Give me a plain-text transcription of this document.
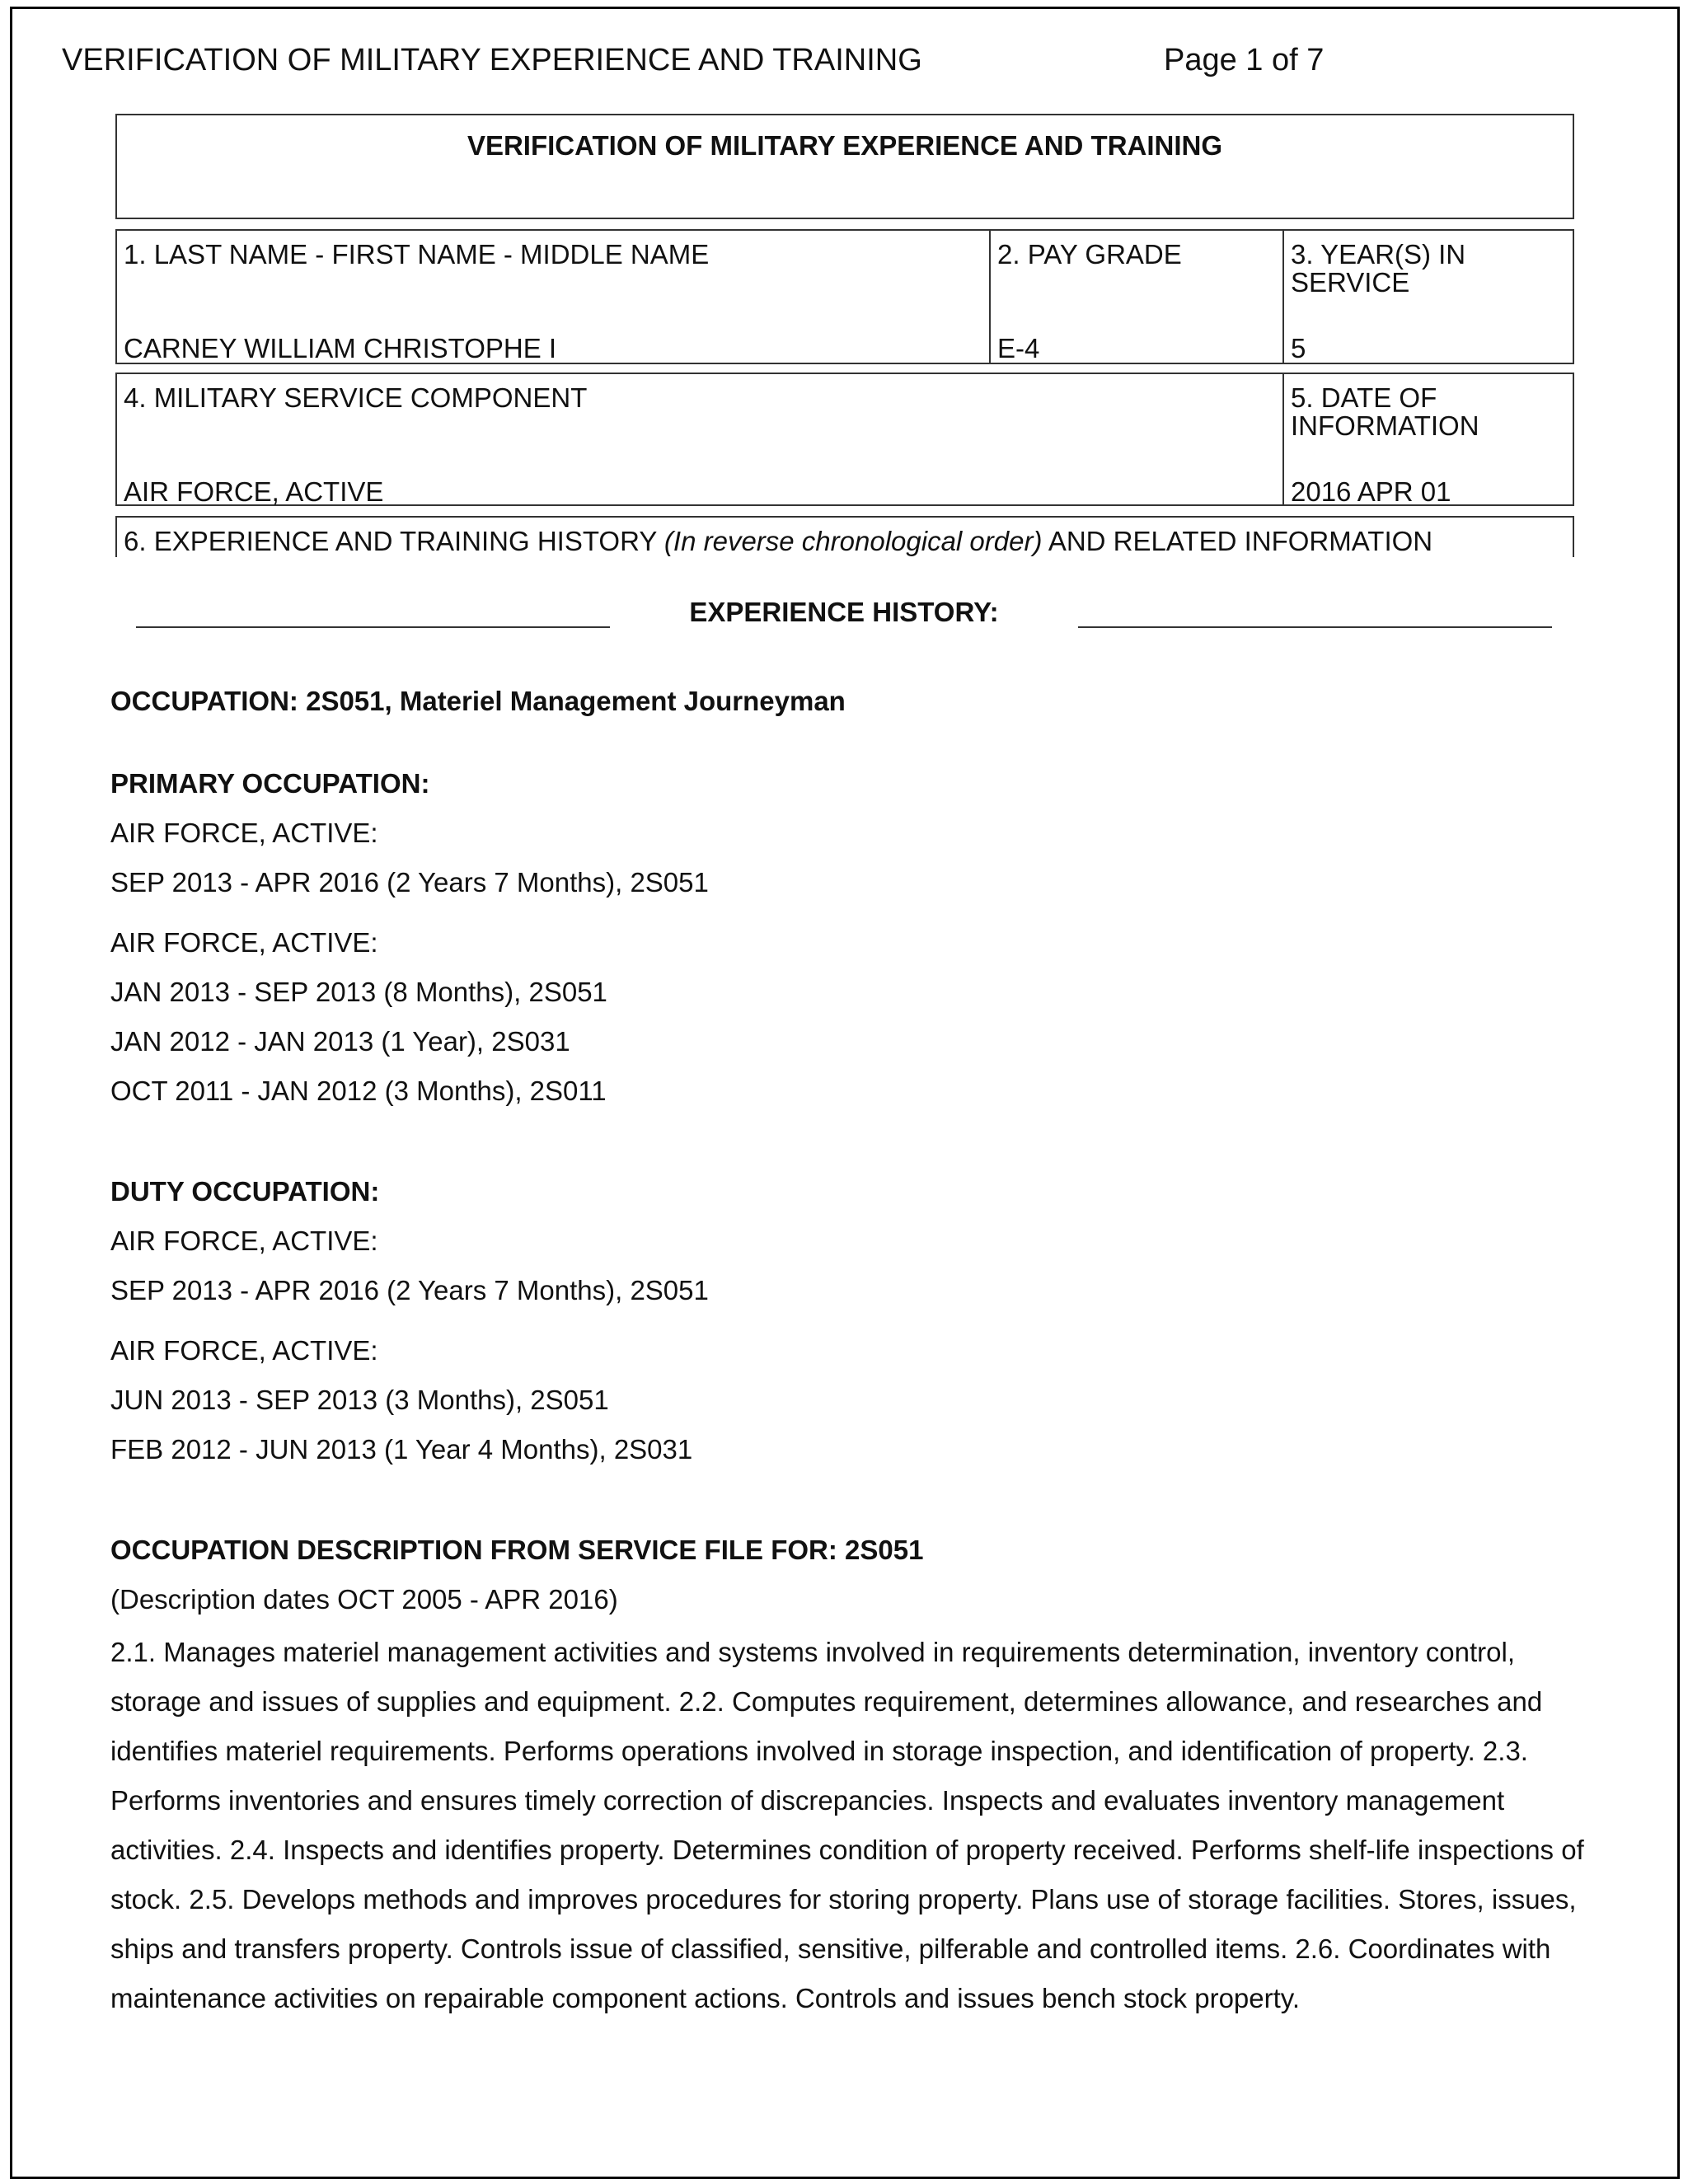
VERIFICATION OF MILITARY EXPERIENCE AND TRAINING	Page 1 of 7
VERIFICATION OF MILITARY EXPERIENCE AND TRAINING
1. LAST NAME - FIRST NAME - MIDDLE NAME
CARNEY WILLIAM CHRISTOPHE I
2. PAY GRADE
E-4
3. YEAR(S) IN
SERVICE
5
4. MILITARY SERVICE COMPONENT
AIR FORCE, ACTIVE
5. DATE OF
INFORMATION
2016 APR 01
6. EXPERIENCE AND TRAINING HISTORY (In reverse chronological order) AND RELATED INFORMATION
EXPERIENCE HISTORY:
OCCUPATION: 2S051, Materiel Management Journeyman
PRIMARY OCCUPATION:
AIR FORCE, ACTIVE:
SEP 2013 - APR 2016 (2 Years 7 Months), 2S051
AIR FORCE, ACTIVE:
JAN 2013 - SEP 2013 (8 Months), 2S051
JAN 2012 - JAN 2013 (1 Year), 2S031
OCT 2011 - JAN 2012 (3 Months), 2S011
DUTY OCCUPATION:
AIR FORCE, ACTIVE:
SEP 2013 - APR 2016 (2 Years 7 Months), 2S051
AIR FORCE, ACTIVE:
JUN 2013 - SEP 2013 (3 Months), 2S051
FEB 2012 - JUN 2013 (1 Year 4 Months), 2S031
OCCUPATION DESCRIPTION FROM SERVICE FILE FOR: 2S051
(Description dates OCT 2005 - APR 2016)
2.1. Manages materiel management activities and systems involved in requirements determination, inventory control, storage and issues of supplies and equipment. 2.2. Computes requirement, determines allowance, and researches and identifies materiel requirements. Performs operations involved in storage inspection, and identification of property. 2.3. Performs inventories and ensures timely correction of discrepancies. Inspects and evaluates inventory management activities. 2.4. Inspects and identifies property. Determines condition of property received. Performs shelf-life inspections of stock. 2.5. Develops methods and improves procedures for storing property. Plans use of storage facilities. Stores, issues, ships and transfers property. Controls issue of classified, sensitive, pilferable and controlled items. 2.6. Coordinates with maintenance activities on repairable component actions. Controls and issues bench stock property.
